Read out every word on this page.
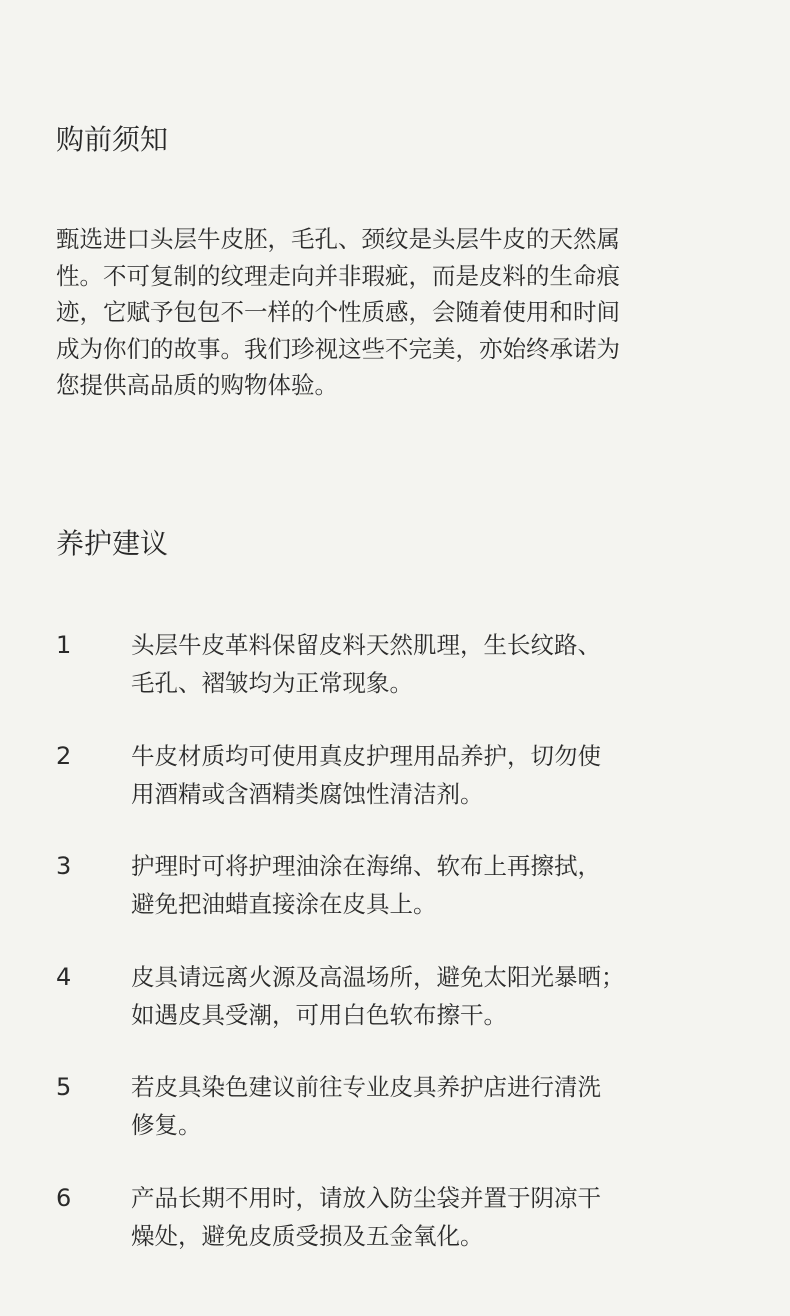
购前须知

甄选进口头层牛皮胚，毛孔、颈纹是头层牛皮的天然属
性。不可复制的纹理走向并非瑕疵，而是皮料的生命痕
迹，它赋予包包不一样的个性质感，会随着使用和时间
成为你们的故事。我们珍视这些不完美，亦始终承诺为
您提供高品质的购物体验。

养护建议
1	头层牛皮革料保留皮料天然肌理，生长纹路、
毛孔、褶皱均为正常现象。
2	牛皮材质均可使用真皮护理用品养护，切勿使
用酒精或含酒精类腐蚀性清洁剂。
3	护理时可将护理油涂在海绵、软布上再擦拭，
避免把油蜡直接涂在皮具上。
4	皮具请远离火源及高温场所，避免太阳光暴晒；
如遇皮具受潮，可用白色软布擦干。
5	若皮具染色建议前往专业皮具养护店进行清洗
修复。
6	产品长期不用时，请放入防尘袋并置于阴凉干
燥处，避免皮质受损及五金氧化。
